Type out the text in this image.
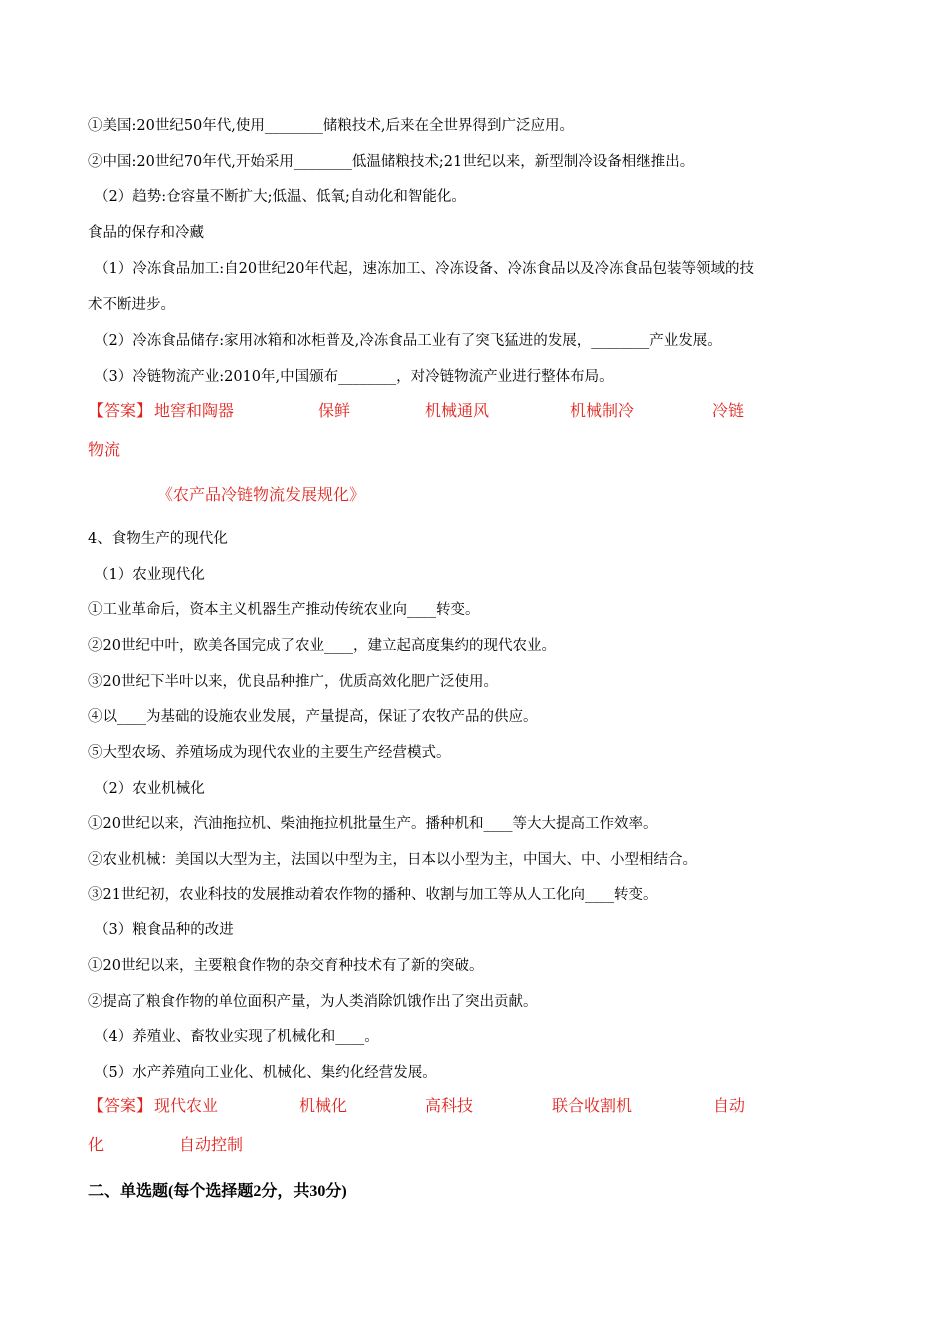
①美国:20世纪50年代,使用________储粮技术,后来在全世界得到广泛应用。
②中国:20世纪70年代,开始采用________低温储粮技术;21世纪以来，新型制冷设备相继推出。
（2）趋势:仓容量不断扩大;低温、低氧;自动化和智能化。
食品的保存和冷藏
（1）冷冻食品加工:自20世纪20年代起，速冻加工、冷冻设备、冷冻食品以及冷冻食品包装等领域的技
术不断进步。
（2）冷冻食品储存:家用冰箱和冰柜普及,冷冻食品工业有了突飞猛进的发展，________产业发展。
（3）冷链物流产业:2010年,中国颁布________，对冷链物流产业进行整体布局。
【答案】 地窖和陶器	保鲜	机械通风	机械制冷	冷链
物流
《农产品冷链物流发展规化》
4、食物生产的现代化
（1）农业现代化
①工业革命后，资本主义机器生产推动传统农业向____转变。
②20世纪中叶，欧美各国完成了农业____，建立起高度集约的现代农业。
③20世纪下半叶以来，优良品种推广，优质高效化肥广泛使用。
④以____为基础的设施农业发展，产量提高，保证了农牧产品的供应。
⑤大型农场、养殖场成为现代农业的主要生产经营模式。
（2）农业机械化
①20世纪以来，汽油拖拉机、柴油拖拉机批量生产。播种机和____等大大提高工作效率。
②农业机械：美国以大型为主，法国以中型为主，日本以小型为主，中国大、中、小型相结合。
③21世纪初，农业科技的发展推动着农作物的播种、收割与加工等从人工化向____转变。
（3）粮食品种的改进
①20世纪以来，主要粮食作物的杂交育种技术有了新的突破。
②提高了粮食作物的单位面积产量，为人类消除饥饿作出了突出贡献。
（4）养殖业、畜牧业实现了机械化和____。
（5）水产养殖向工业化、机械化、集约化经营发展。
【答案】 现代农业	机械化	高科技	联合收割机	自动
化	自动控制
二、单选题(每个选择题2分，共30分)
